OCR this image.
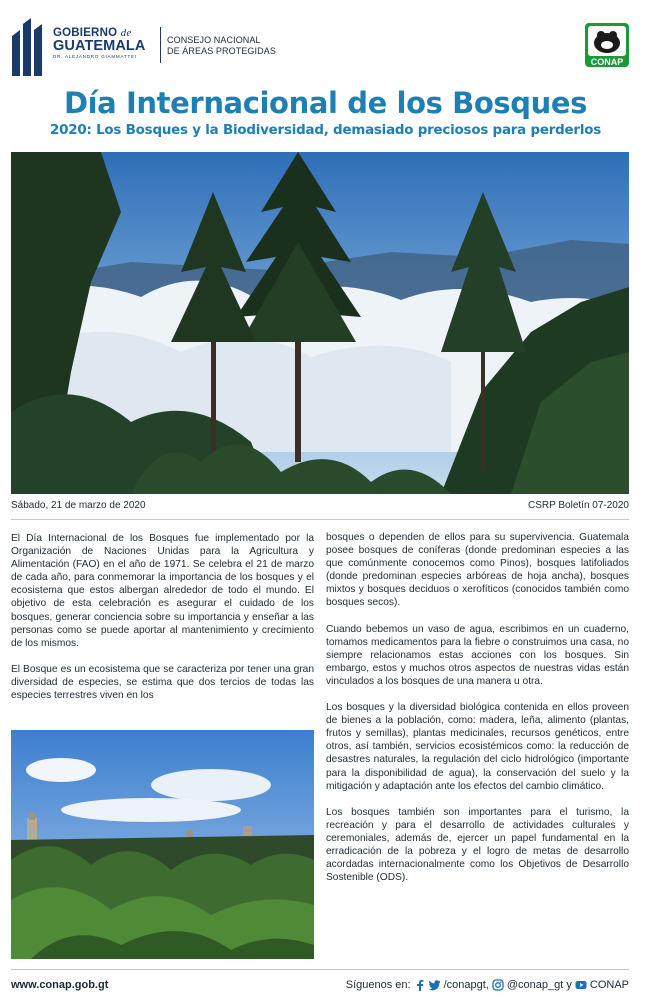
GOBIERNO de
GUATEMALA
DR. ALEJANDRO GIAMMATTEI
CONSEJO NACIONAL
DE ÁREAS PROTEGIDAS
CONAP
Día Internacional de los Bosques
2020: Los Bosques y la Biodiversidad, demasiado preciosos para perderlos
Sábado, 21 de marzo de 2020	CSRP Boletín 07-2020

El Día Internacional de los Bosques fue implementado por la Organización de Naciones Unidas para la Agricultura y Alimentación (FAO) en el año de 1971. Se celebra el 21 de marzo de cada año, para conmemorar la importancia de los bosques y el ecosistema que estos albergan alrededor de todo el mundo. El objetivo de esta celebración es asegurar el cuidado de los bosques, generar conciencia sobre su importancia y enseñar a las personas como se puede aportar al mantenimiento y crecimiento de los mismos.

El Bosque es un ecosistema que se caracteriza por tener una gran diversidad de especies, se estima que dos tercios de todas las especies terrestres viven en los

bosques o dependen de ellos para su supervivencia. Guatemala posee bosques de coníferas (donde predominan especies a las que comúnmente conocemos como Pinos), bosques latifoliados (donde predominan especies arbóreas de hoja ancha), bosques mixtos y bosques deciduos o xerofíticos (conocidos también como bosques secos).

Cuando bebemos un vaso de agua, escribimos en un cuaderno, tomamos medicamentos para la fiebre o construimos una casa, no siempre relacionamos estas acciones con los bosques. Sin embargo, estos y muchos otros aspectos de nuestras vidas están vinculados a los bosques de una manera u otra.

Los bosques y la diversidad biológica contenida en ellos proveen de bienes a la población, como: madera, leña, alimento (plantas, frutos y semillas), plantas medicinales, recursos genéticos, entre otros, así también, servicios ecosistémicos como: la reducción de desastres naturales, la regulación del ciclo hidrológico (importante para la disponibilidad de agua), la conservación del suelo y la mitigación y adaptación ante los efectos del cambio climático.

Los bosques también son importantes para el turismo, la recreación y para el desarrollo de actividades culturales y ceremoniales, además de, ejercer un papel fundamental en la erradicación de la pobreza y el logro de metas de desarrollo acordadas internacionalmente como los Objetivos de Desarrollo Sostenible (ODS).

www.conap.gob.gt	Síguenos en:	/conapgt, @conap_gt y CONAP
